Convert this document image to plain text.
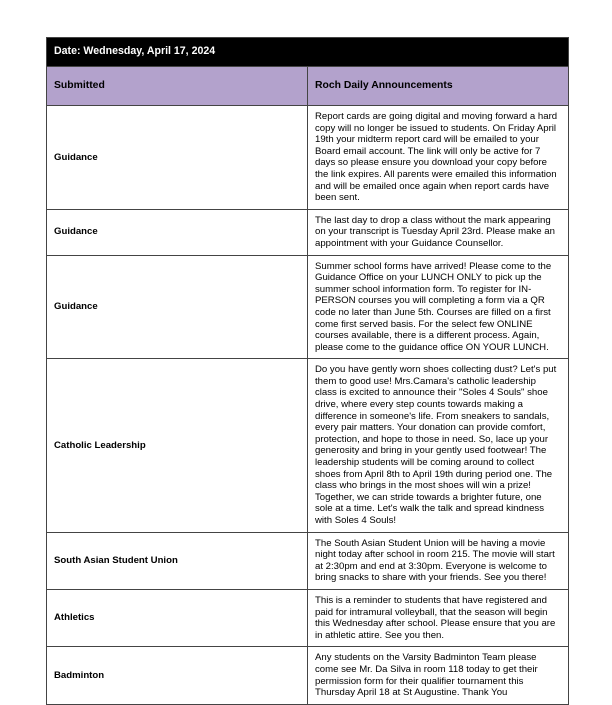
Date: Wednesday, April 17, 2024	
Submitted	Roch Daily Announcements
Guidance	Report cards are going digital and moving forward a hard copy will no longer be issued to students. On Friday April 19th your midterm report card will be emailed to your Board email account. The link will only be active for 7 days so please ensure you download your copy before the link expires. All parents were emailed this information and will be emailed once again when report cards have been sent.
Guidance	The last day to drop a class without the mark appearing on your transcript is Tuesday April 23rd. Please make an appointment with your Guidance Counsellor.
Guidance	Summer school forms have arrived! Please come to the Guidance Office on your LUNCH ONLY to pick up the summer school information form. To register for IN-PERSON courses you will completing a form via a QR code no later than June 5th. Courses are filled on a first come first served basis. For the select few ONLINE courses available, there is a different process. Again, please come to the guidance office ON YOUR LUNCH.
Catholic Leadership	Do you have gently worn shoes collecting dust? Let's put them to good use! Mrs.Camara's catholic leadership class is excited to announce their "Soles 4 Souls" shoe drive, where every step counts towards making a difference in someone's life. From sneakers to sandals, every pair matters. Your donation can provide comfort, protection, and hope to those in need. So, lace up your generosity and bring in your gently used footwear! The leadership students will be coming around to collect shoes from April 8th to April 19th during period one. The class who brings in the most shoes will win a prize! Together, we can stride towards a brighter future, one sole at a time. Let's walk the talk and spread kindness with Soles 4 Souls!
South Asian Student Union	The South Asian Student Union will be having a movie night today after school in room 215. The movie will start at 2:30pm and end at 3:30pm. Everyone is welcome to bring snacks to share with your friends. See you there!
Athletics	This is a reminder to students that have registered and paid for intramural volleyball, that the season will begin this Wednesday after school. Please ensure that you are in athletic attire. See you then.
Badminton	Any students on the Varsity Badminton Team please come see Mr. Da Silva in room 118 today to get their permission form for their qualifier tournament this Thursday April 18 at St Augustine. Thank You
